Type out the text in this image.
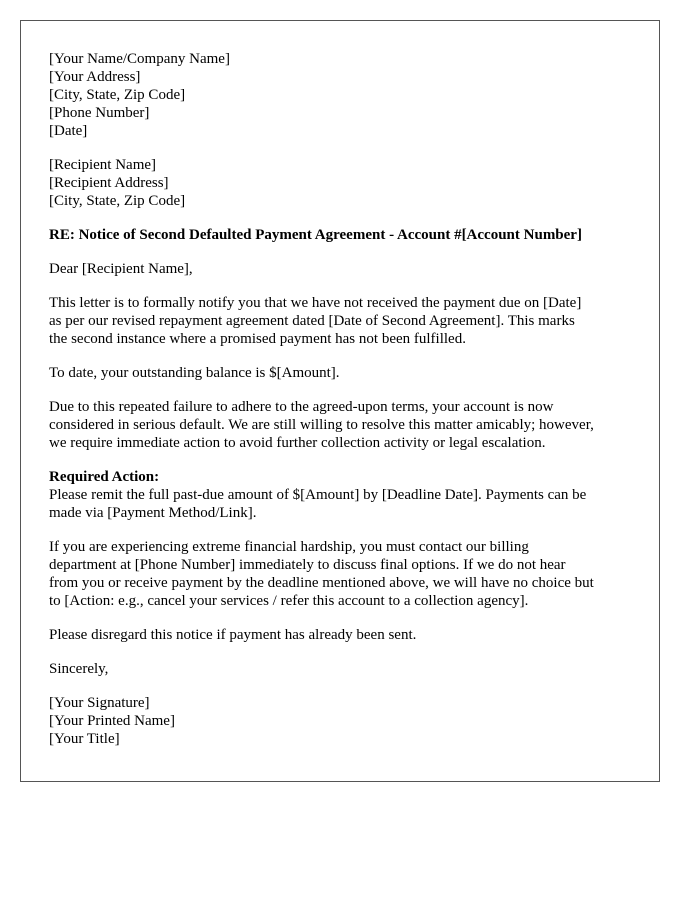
[Your Name/Company Name]
[Your Address]
[City, State, Zip Code]
[Phone Number]
[Date]
[Recipient Name]
[Recipient Address]
[City, State, Zip Code]
RE: Notice of Second Defaulted Payment Agreement - Account #[Account Number]
Dear [Recipient Name],
This letter is to formally notify you that we have not received the payment due on [Date]
as per our revised repayment agreement dated [Date of Second Agreement]. This marks
the second instance where a promised payment has not been fulfilled.
To date, your outstanding balance is $[Amount].
Due to this repeated failure to adhere to the agreed-upon terms, your account is now
considered in serious default. We are still willing to resolve this matter amicably; however,
we require immediate action to avoid further collection activity or legal escalation.
Required Action:
Please remit the full past-due amount of $[Amount] by [Deadline Date]. Payments can be
made via [Payment Method/Link].
If you are experiencing extreme financial hardship, you must contact our billing
department at [Phone Number] immediately to discuss final options. If we do not hear
from you or receive payment by the deadline mentioned above, we will have no choice but
to [Action: e.g., cancel your services / refer this account to a collection agency].
Please disregard this notice if payment has already been sent.
Sincerely,
[Your Signature]
[Your Printed Name]
[Your Title]
